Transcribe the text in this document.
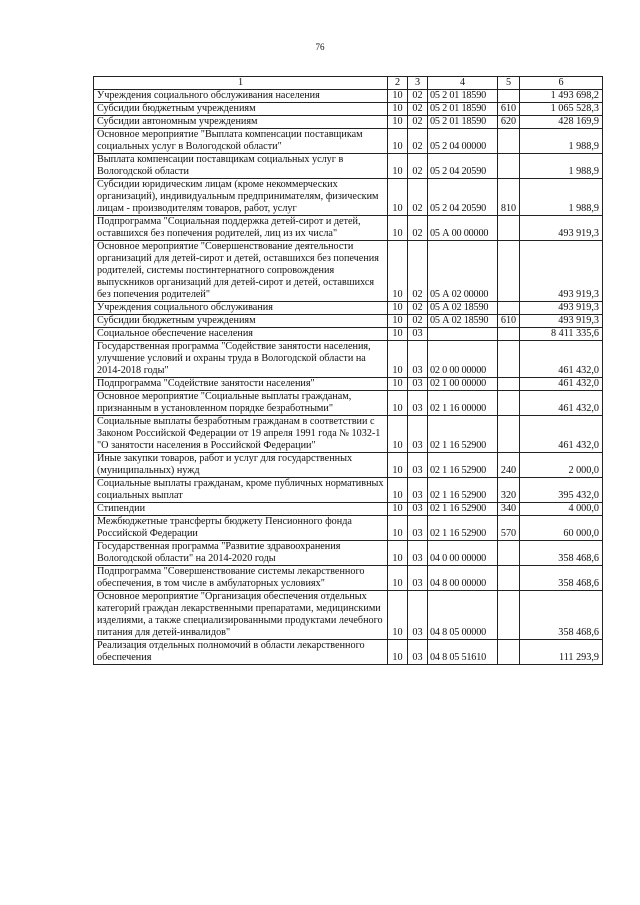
76
1	2	3	4	5	6
Учреждения социального обслуживания населения	10	02	05 2 01 18590		1 493 698,2
Субсидии бюджетным учреждениям	10	02	05 2 01 18590	610	1 065 528,3
Субсидии автономным учреждениям	10	02	05 2 01 18590	620	428 169,9
Основное мероприятие "Выплата компенсации поставщикам социальных услуг в Вологодской области"	10	02	05 2 04 00000		1 988,9
Выплата компенсации поставщикам социальных услуг в Вологодской области	10	02	05 2 04 20590		1 988,9
Субсидии юридическим лицам (кроме некоммерческих организаций), индивидуальным предпринимателям, физическим лицам - производителям товаров, работ, услуг	10	02	05 2 04 20590	810	1 988,9
Подпрограмма "Социальная поддержка детей-сирот и детей, оставшихся без попечения родителей, лиц из их числа"	10	02	05 А 00 00000		493 919,3
Основное мероприятие "Совершенствование деятельности организаций для детей-сирот и детей, оставшихся без попечения родителей, системы постинтернатного сопровождения выпускников организаций для детей-сирот и детей, оставшихся без попечения родителей"	10	02	05 А 02 00000		493 919,3
Учреждения социального обслуживания	10	02	05 А 02 18590		493 919,3
Субсидии бюджетным учреждениям	10	02	05 А 02 18590	610	493 919,3
Социальное обеспечение населения	10	03			8 411 335,6
Государственная программа "Содействие занятости населения, улучшение условий и охраны труда в Вологодской области на 2014-2018 годы"	10	03	02 0 00 00000		461 432,0
Подпрограмма "Содействие занятости населения"	10	03	02 1 00 00000		461 432,0
Основное мероприятие "Социальные выплаты гражданам, признанным в установленном порядке безработными"	10	03	02 1 16 00000		461 432,0
Социальные выплаты безработным гражданам в соответствии с Законом Российской Федерации от 19 апреля 1991 года № 1032-1 "О занятости населения в Российской Федерации"	10	03	02 1 16 52900		461 432,0
Иные закупки товаров, работ и услуг для государственных (муниципальных) нужд	10	03	02 1 16 52900	240	2 000,0
Социальные выплаты гражданам, кроме публичных нормативных социальных выплат	10	03	02 1 16 52900	320	395 432,0
Стипендии	10	03	02 1 16 52900	340	4 000,0
Межбюджетные трансферты бюджету Пенсионного фонда Российской Федерации	10	03	02 1 16 52900	570	60 000,0
Государственная программа "Развитие здравоохранения Вологодской области" на 2014-2020 годы	10	03	04 0 00 00000		358 468,6
Подпрограмма "Совершенствование системы лекарственного обеспечения, в том числе в амбулаторных условиях"	10	03	04 8 00 00000		358 468,6
Основное мероприятие "Организация обеспечения отдельных категорий граждан лекарственными препаратами, медицинскими изделиями, а также специализированными продуктами лечебного питания для детей-инвалидов"	10	03	04 8 05 00000		358 468,6
Реализация отдельных полномочий в области лекарственного обеспечения	10	03	04 8 05 51610		111 293,9
